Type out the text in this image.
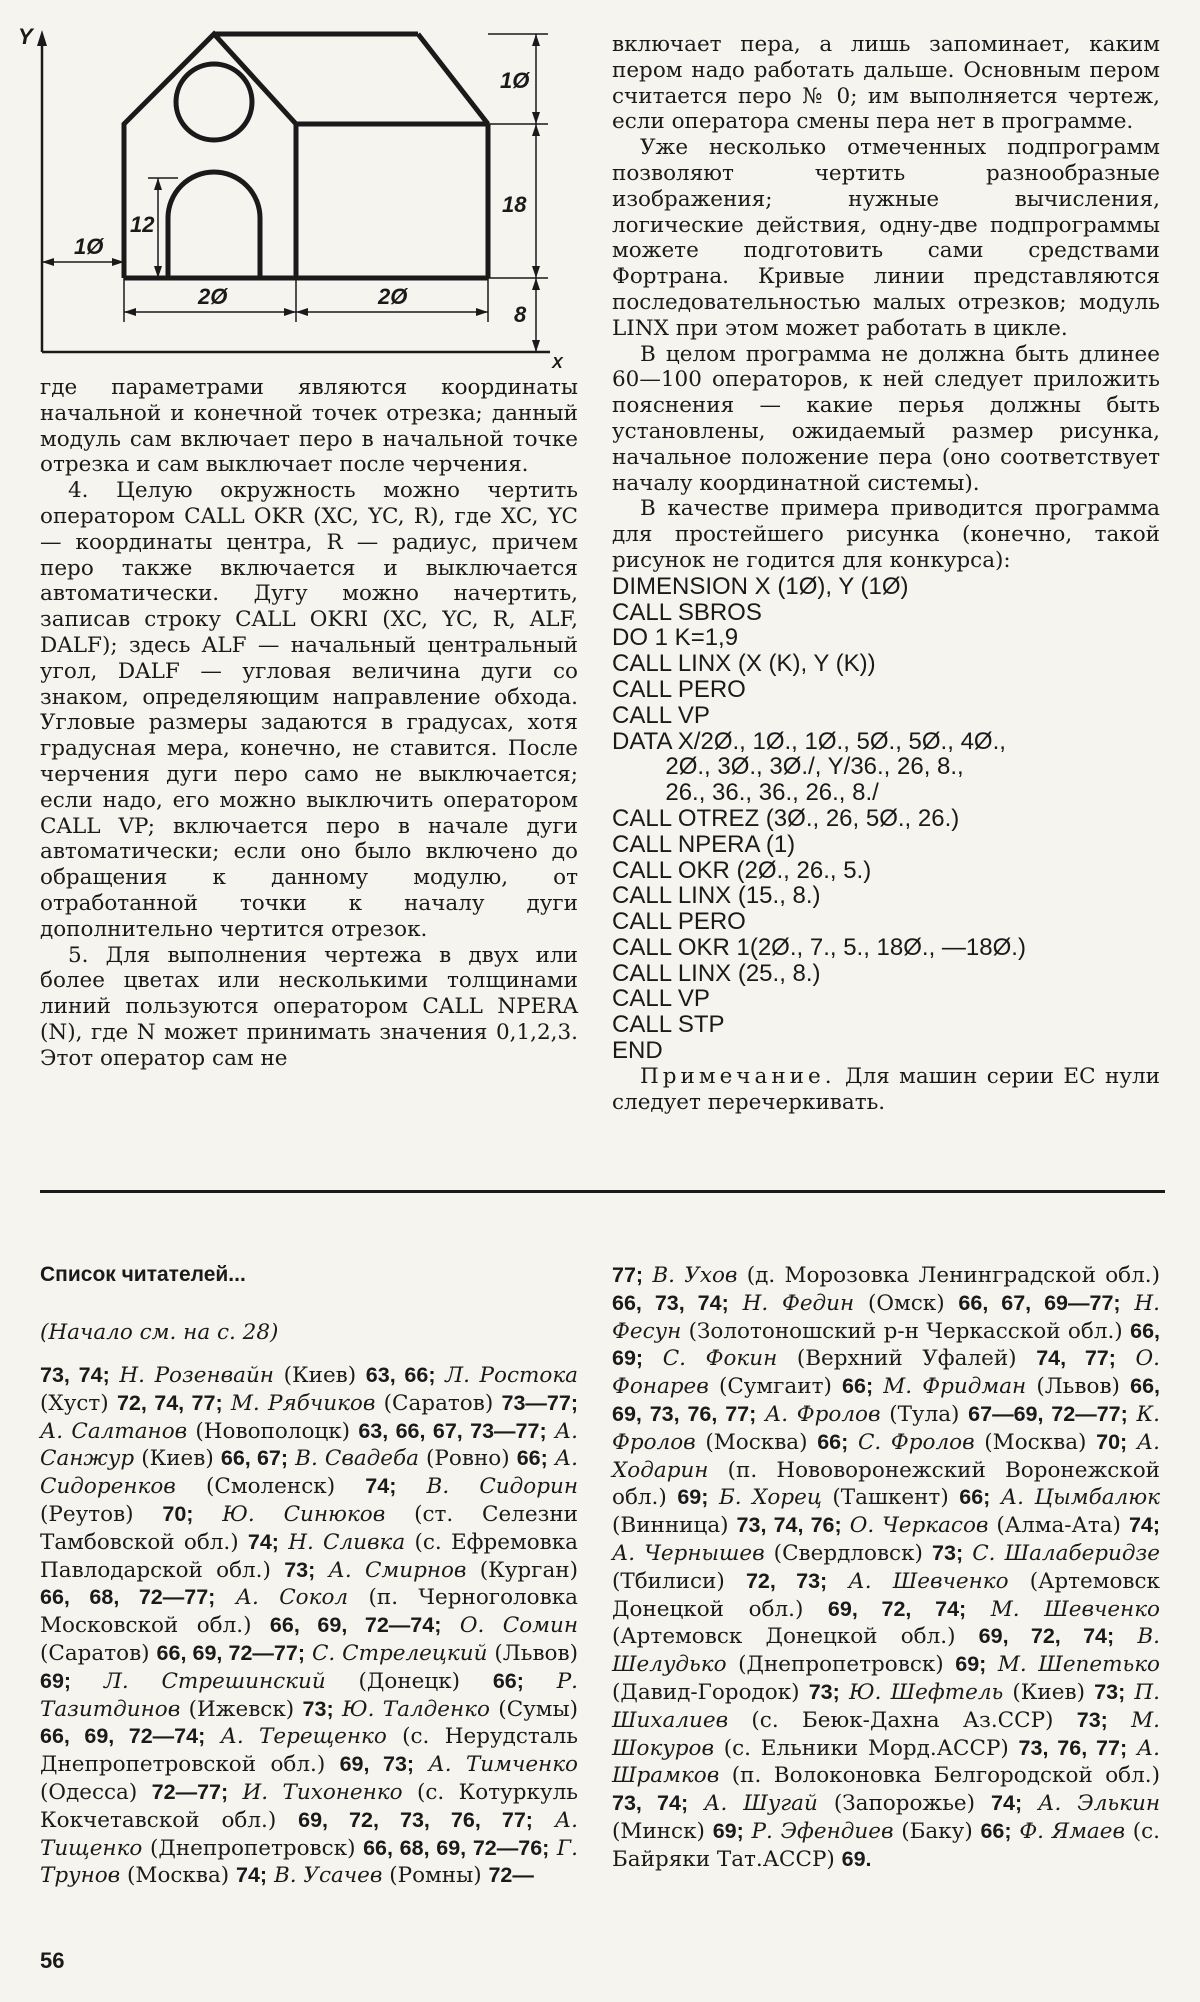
Y
X
1Ø
18
8
1Ø
12
2Ø	2Ø

где параметрами являются координаты начальной и конечной точек отрезка; данный модуль сам включает перо в начальной точке отрезка и сам выключает после черчения.

4. Целую окружность можно чертить оператором CALL OKR (XC, YC, R), где XC, YC — координаты центра, R — радиус, причем перо также включается и выключается автоматически. Дугу можно начертить, записав строку CALL OKRI (XC, YC, R, ALF, DALF); здесь ALF — начальный центральный угол, DALF — угловая величина дуги со знаком, определяющим направление обхода. Угловые размеры задаются в градусах, хотя градусная мера, конечно, не ставится. После черчения дуги перо само не выключается; если надо, его можно выключить оператором CALL VP; включается перо в начале дуги автоматически; если оно было включено до обращения к данному модулю, от отработанной точки к началу дуги дополнительно чертится отрезок.

5. Для выполнения чертежа в двух или более цветах или несколькими толщинами линий пользуются оператором CALL NPERA (N), где N может принимать значения 0,1,2,3. Этот оператор сам не

включает пера, а лишь запоминает, каким пером надо работать дальше. Основным пером считается перо № 0; им выполняется чертеж, если оператора смены пера нет в программе.

Уже несколько отмеченных подпрограмм позволяют чертить разнообразные изображения; нужные вычисления, логические действия, одну-две подпрограммы можете подготовить сами средствами Фортрана. Кривые линии представляются последовательностью малых отрезков; модуль LINX при этом может работать в цикле.

В целом программа не должна быть длинее 60—100 операторов, к ней следует приложить пояснения — какие перья должны быть установлены, ожидаемый размер рисунка, начальное положение пера (оно соответствует началу координатной системы).

В качестве примера приводится программа для простейшего рисунка (конечно, такой рисунок не годится для конкурса):

DIMENSION X (1Ø), Y (1Ø)
CALL SBROS
DO 1 K=1,9
CALL LINX (X (K), Y (K))
CALL PERO
CALL VP
DATA X/2Ø., 1Ø., 1Ø., 5Ø., 5Ø., 4Ø.,
2Ø., 3Ø., 3Ø./, Y/36., 26, 8.,
26., 36., 36., 26., 8./
CALL OTREZ (3Ø., 26, 5Ø., 26.)
CALL NPERA (1)
CALL OKR (2Ø., 26., 5.)
CALL LINX (15., 8.)
CALL PERO
CALL OKR 1(2Ø., 7., 5., 18Ø., —18Ø.)
CALL LINX (25., 8.)
CALL VP
CALL STP
END

Примечание. Для машин серии ЕС нули следует перечеркивать.

Список читателей...

(Начало см. на с. 28)

73, 74; Н. Розенвайн (Киев) 63, 66; Л. Ростока (Хуст) 72, 74, 77; М. Рябчиков (Саратов) 73—77; А. Салтанов (Новополоцк) 63, 66, 67, 73—77; А. Санжур (Киев) 66, 67; В. Свадеба (Ровно) 66; А. Сидоренков (Смоленск) 74; В. Сидорин (Реутов) 70; Ю. Синюков (ст. Селезни Тамбовской обл.) 74; Н. Сливка (с. Ефремовка Павлодарской обл.) 73; А. Смирнов (Курган) 66, 68, 72—77; А. Сокол (п. Черноголовка Московской обл.) 66, 69, 72—74; О. Сомин (Саратов) 66, 69, 72—77; С. Стрелецкий (Львов) 69; Л. Стрешинский (Донецк) 66; Р. Тазитдинов (Ижевск) 73; Ю. Талденко (Сумы) 66, 69, 72—74; А. Терещенко (с. Нерудсталь Днепропетровской обл.) 69, 73; А. Тимченко (Одесса) 72—77; И. Тихоненко (с. Котуркуль Кокчетавской обл.) 69, 72, 73, 76, 77; А. Тищенко (Днепропетровск) 66, 68, 69, 72—76; Г. Трунов (Москва) 74; В. Усачев (Ромны) 72—

77; В. Ухов (д. Морозовка Ленинградской обл.) 66, 73, 74; Н. Федин (Омск) 66, 67, 69—77; Н. Фесун (Золотоношский р-н Черкасской обл.) 66, 69; С. Фокин (Верхний Уфалей) 74, 77; О. Фонарев (Сумгаит) 66; М. Фридман (Львов) 66, 69, 73, 76, 77; А. Фролов (Тула) 67—69, 72—77; К. Фролов (Москва) 66; С. Фролов (Москва) 70; А. Ходарин (п. Нововоронежский Воронежской обл.) 69; Б. Хорец (Ташкент) 66; А. Цымбалюк (Винница) 73, 74, 76; О. Черкасов (Алма-Ата) 74; А. Чернышев (Свердловск) 73; С. Шалаберидзе (Тбилиси) 72, 73; А. Шевченко (Артемовск Донецкой обл.) 69, 72, 74; М. Шевченко (Артемовск Донецкой обл.) 69, 72, 74; В. Шелудько (Днепропетровск) 69; М. Шепетько (Давид-Городок) 73; Ю. Шефтель (Киев) 73; П. Шихалиев (с. Беюк-Дахна Аз.ССР) 73; М. Шокуров (с. Ельники Морд.АССР) 73, 76, 77; А. Шрамков (п. Волоконовка Белгородской обл.) 73, 74; А. Шугай (Запорожье) 74; А. Элькин (Минск) 69; Р. Эфендиев (Баку) 66; Ф. Ямаев (с. Байряки Тат.АССР) 69.

56
